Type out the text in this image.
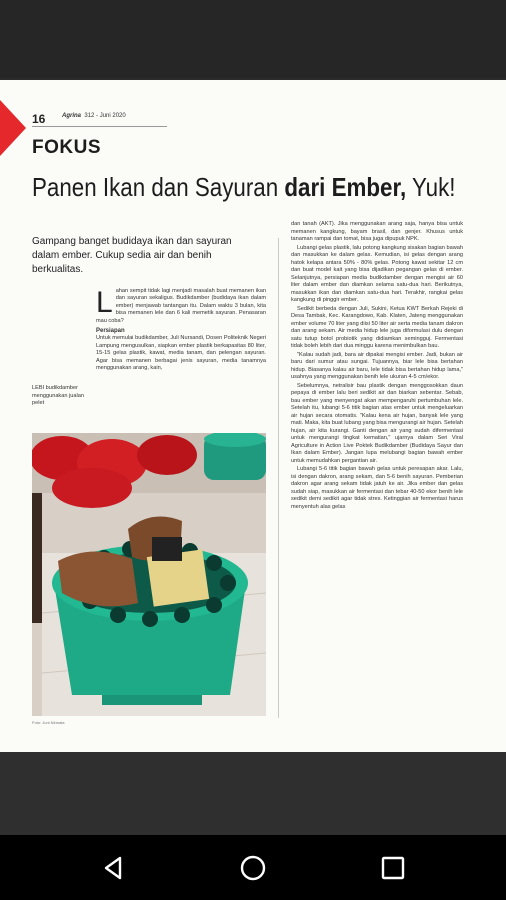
16	Agrina 312 - Juni 2020
FOKUS
Panen Ikan dan Sayuran dari Ember, Yuk!
Gampang banget budidaya ikan dan sayuran dalam ember. Cukup sedia air dan benih berkualitas.
LEBI budikdamber menggunakan jualan pelet

Lahan sempit tidak lagi menjadi masalah buat memanen ikan dan sayuran sekaligus. Budikdamber (budidaya ikan dalam ember) menjawab tantangan itu. Dalam waktu 3 bulan, kita bisa memanen lele dan 6 kali memetik sayuran. Penasaran mau coba?

Persiapan

Untuk memulai budikdamber, Juli Nursandi, Dosen Politeknik Negeri Lampung mengusulkan, siapkan ember plastik berkapasitas 80 liter, 15-15 gelas plastik, kawat, media tanam, dan pelengan sayuran. Agar bisa memanen berbagai jenis sayuran, media tanamnya menggunakan arang, kain,

dan tanah (AKT). Jika menggunakan arang saja, hanya bisa untuk memanen kangkung, bayam brasil, dan genjer. Khusus untuk tanaman rampai dan tomat, bisa juga dipupuk NPK.

Lubangi gelas plastik, lalu potong kangkung sisakan bagian bawah dan masukkan ke dalam gelas. Kemudian, isi gelas dengan arang hatok kelapa antara 50% - 80% gelas. Potong kawat sekitar 12 cm dan buat model kait yang bisa dijadikan pegangan gelas di ember. Selanjutnya, persiapan media budikdamber dengan mengisi air 60 liter dalam ember dan diamkan selama satu-dua hari. Berikutnya, masukkan ikan dan diamkan satu-dua hari. Terakhir, rangkai gelas kangkung di pinggir ember.

Sedikit berbeda dengan Juli, Sukini, Ketua KWT Berkah Rejeki di Desa Tambak, Kec. Karangdowo, Kab. Klaten, Jateng menggunakan ember volume 70 liter yang diisi 50 liter air serta media tanam dakron dan arang sekam. Air media hidup lele juga diformulasi dulu dengan satu tutup botol probiotik yang didiamkan semingguj. Fermentasi tidak boleh lebih dari dua minggu karena menimbulkan bau.

"Kalau sudah jadi, bara air dipakai mengisi ember. Jadi, bukan air baru dari sumur atau sungai. Tujuannya, biar lele bisa bertahan hidup. Biasanya kalau air baru, lele tidak bisa bertahan hidup lama," usahnya yang menggunakan benih lele ukuran 4-5 cm/ekor.

Sebelumnya, netralisir bau plastik dengan menggosokkan daun pepaya di ember lalu beri sedikit air dan biarkan sebentar. Sebab, bau ember yang menyengat akan mempengaruhi pertumbuhan lele. Setelah itu, lubangi 5-6 titik bagian atas ember untuk mengeluarkan air hujan secara otomatis. "Kalau kena air hujan, banyak lele yang mati. Maka, kita buat lubang yang bisa mengurangi air hujan. Setelah hujan, air kita kurangi. Ganti dengan air yang sudah difermentasi untuk mengurangi tingkat kematian," ujarnya dalam Seri Viral Agriculture in Action Live Poktek Budikdamber (Budidaya Sayur dan Ikan dalam Ember). Jangan lupa melubangi bagian bawah ember untuk memudahkan pergantian air.

Lubangi 5-6 titik bagian bawah gelas untuk peresapan akar. Lalu, isi dengan dakron, arang sekam, dan 5-6 benih sayuran. Pemberian dakron agar arang sekam tidak jatuh ke air. Jika ember dan gelas sudah siap, masukkan air fermentasi dan tebar 40-50 ekor benih lele sedikit demi sedikit agar tidak stres. Ketinggian air fermentasi harus menyentuh alas gelas

Foto: Juni Nirmala
